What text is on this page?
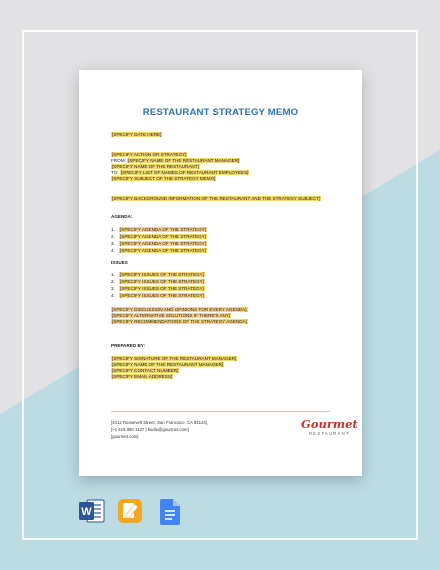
RESTAURANT STRATEGY MEMO
[SPECIFY DATE HERE]
[SPECIFY ACTION OR STRATEGY]
FROM: [SPECIFY NAME OF THE RESTAURANT MANAGER]
[SPECIFY NAME OF THE RESTAURANT]
TO: [SPECIFY LIST OF NAMES OF RESTAURANT EMPLOYEES]
[SPECIFY SUBJECT OF THE STRATEGY MEMO]
[SPECIFY BACKGROUND INFORMATION OF THE RESTAURANT AND THE STRATEGY SUBJECT]
AGENDA:
1. [SPECIFY AGENDA OF THE STRATEGY]
2. [SPECIFY AGENDA OF THE STRATEGY]
3. [SPECIFY AGENDA OF THE STRATEGY]
4. [SPECIFY AGENDA OF THE STRATEGY]
ISSUES
1. [SPECIFY ISSUES OF THE STRATEGY]
2. [SPECIFY ISSUES OF THE STRATEGY]
3. [SPECIFY ISSUES OF THE STRATEGY]
4. [SPECIFY ISSUES OF THE STRATEGY]
[SPECIFY DISCUSSION AND OPINIONS FOR EVERY AGENDA]
[SPECIFY ALTERNATIVE SOLUTIONS IF THERE'S ANY]
[SPECIFY RECOMMENDATIONS OF THE STRATEGY AGENDA]
PREPARED BY:
[SPECIFY SIGNATURE OF THE RESTAURANT MANAGER]
[SPECIFY NAME OF THE RESTAURANT MANAGER]
[SPECIFY CONTACT NUMBER]
[SPECIFY EMAIL ADDRESS]
[4412 Roosevelt Street, San Francisco, CA 94134]
[+1 415 355 1127 | kodie@gourmet.com]
[gourmet.com]
Gourmet
RESTAURANT
W
